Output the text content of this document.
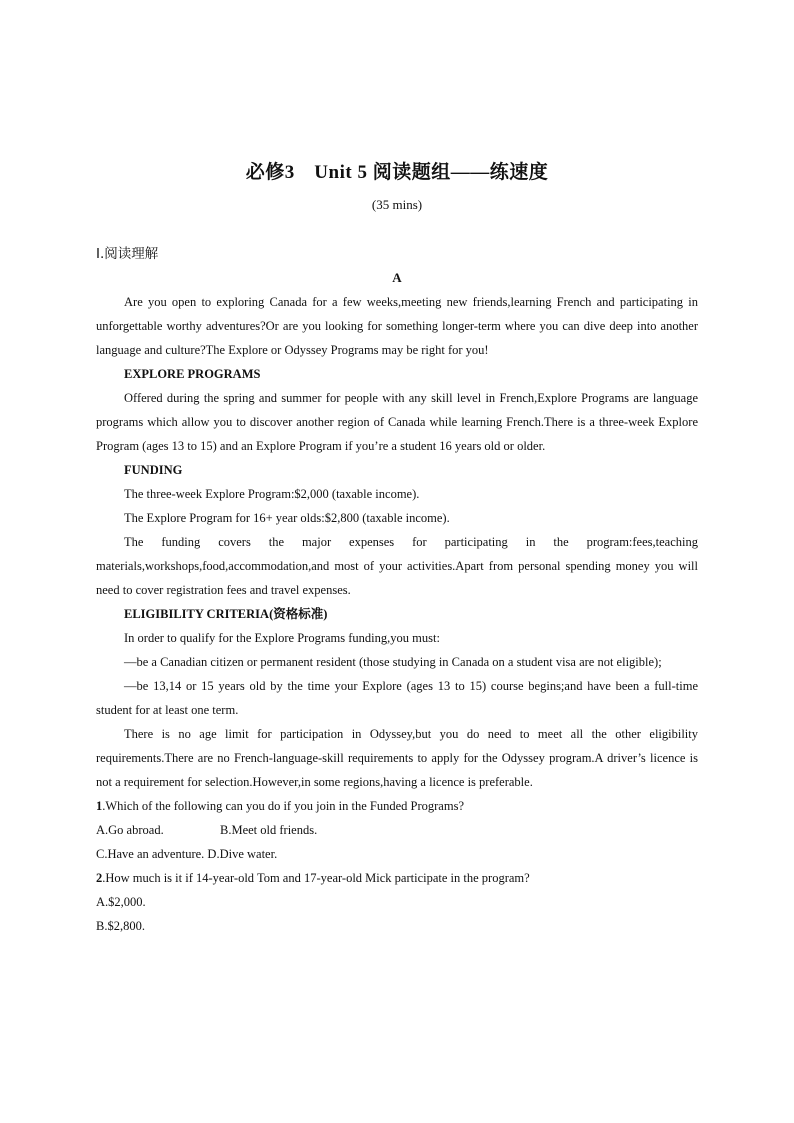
必修3　Unit 5 阅读题组——练速度
(35 mins)
Ⅰ.阅读理解
A

Are you open to exploring Canada for a few weeks,meeting new friends,learning French and participating in unforgettable worthy adventures?Or are you looking for something longer-term where you can dive deep into another language and culture?The Explore or Odyssey Programs may be right for you!

EXPLORE PROGRAMS

Offered during the spring and summer for people with any skill level in French,Explore Programs are language programs which allow you to discover another region of Canada while learning French.There is a three-week Explore Program (ages 13 to 15) and an Explore Program if you’re a student 16 years old or older.

FUNDING

The three-week Explore Program:$2,000 (taxable income).

The Explore Program for 16+ year olds:$2,800 (taxable income).

The funding covers the major expenses for participating in the program:fees,teaching materials,workshops,food,accommodation,and most of your activities.Apart from personal spending money you will need to cover registration fees and travel expenses.

ELIGIBILITY CRITERIA(资格标准)

In order to qualify for the Explore Programs funding,you must:

—be a Canadian citizen or permanent resident (those studying in Canada on a student visa are not eligible);

—be 13,14 or 15 years old by the time your Explore (ages 13 to 15) course begins;and have been a full-time student for at least one term.

There is no age limit for participation in Odyssey,but you do need to meet all the other eligibility requirements.There are no French-language-skill requirements to apply for the Odyssey program.A driver’s licence is not a requirement for selection.However,in some regions,having a licence is preferable.

1.Which of the following can you do if you join in the Funded Programs?

A.Go abroad.	B.Meet old friends.

C.Have an adventure. D.Dive water.

2.How much is it if 14-year-old Tom and 17-year-old Mick participate in the program?

A.$2,000.

B.$2,800.
